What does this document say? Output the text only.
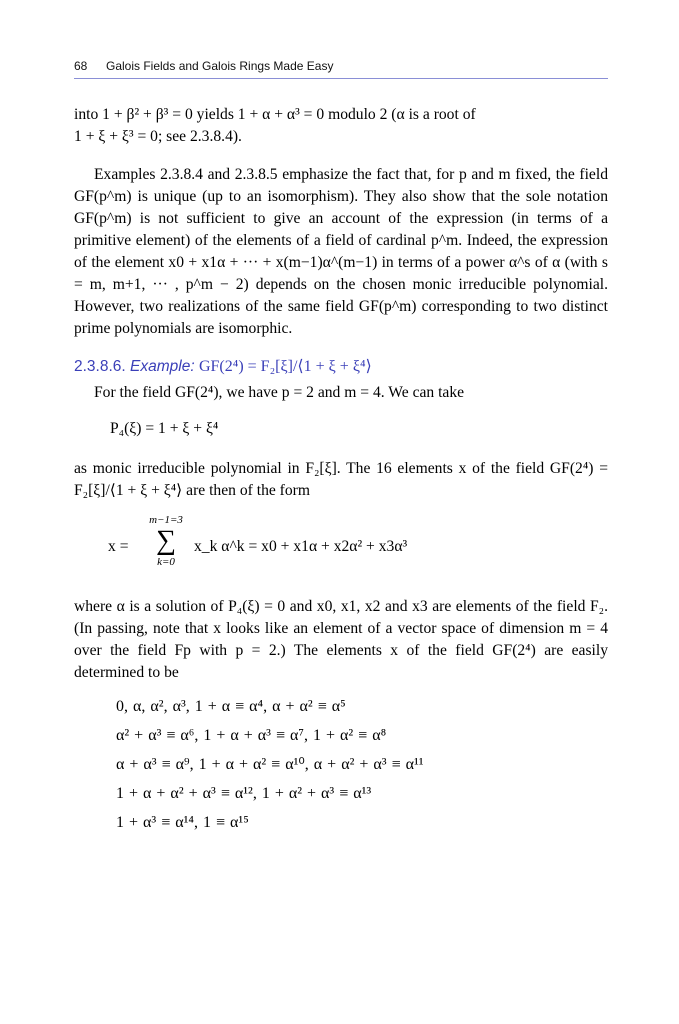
68 Galois Fields and Galois Rings Made Easy

into 1 + β² + β³ = 0 yields 1 + α + α³ = 0 modulo 2 (α is a root of
1 + ξ + ξ³ = 0; see 2.3.8.4).

Examples 2.3.8.4 and 2.3.8.5 emphasize the fact that, for p and m fixed, the field GF(p^m) is unique (up to an isomorphism). They also show that the sole notation GF(p^m) is not sufficient to give an account of the expression (in terms of a primitive element) of the elements of a field of cardinal p^m. Indeed, the expression of the element x0 + x1α + ··· + x(m−1)α^(m−1) in terms of a power α^s of α (with s = m, m+1, ··· , p^m − 2) depends on the chosen monic irreducible polynomial. However, two realizations of the same field GF(p^m) corresponding to two distinct prime polynomials are isomorphic.

2.3.8.6. Example: GF(2⁴) = F₂[ξ]/⟨1 + ξ + ξ⁴⟩

For the field GF(2⁴), we have p = 2 and m = 4. We can take

P₄(ξ) = 1 + ξ + ξ⁴

as monic irreducible polynomial in F₂[ξ]. The 16 elements x of the field GF(2⁴) = F₂[ξ]/⟨1 + ξ + ξ⁴⟩ are then of the form

x =
m−1=3
∑
k=0
x_k α^k = x0 + x1α + x2α² + x3α³

where α is a solution of P₄(ξ) = 0 and x0, x1, x2 and x3 are elements of the field F₂. (In passing, note that x looks like an element of a vector space of dimension m = 4 over the field Fp with p = 2.) The elements x of the field GF(2⁴) are easily determined to be

0, α, α², α³, 1 + α ≡ α⁴, α + α² ≡ α⁵
α² + α³ ≡ α⁶, 1 + α + α³ ≡ α⁷, 1 + α² ≡ α⁸
α + α³ ≡ α⁹, 1 + α + α² ≡ α¹⁰, α + α² + α³ ≡ α¹¹
1 + α + α² + α³ ≡ α¹², 1 + α² + α³ ≡ α¹³
1 + α³ ≡ α¹⁴, 1 ≡ α¹⁵
